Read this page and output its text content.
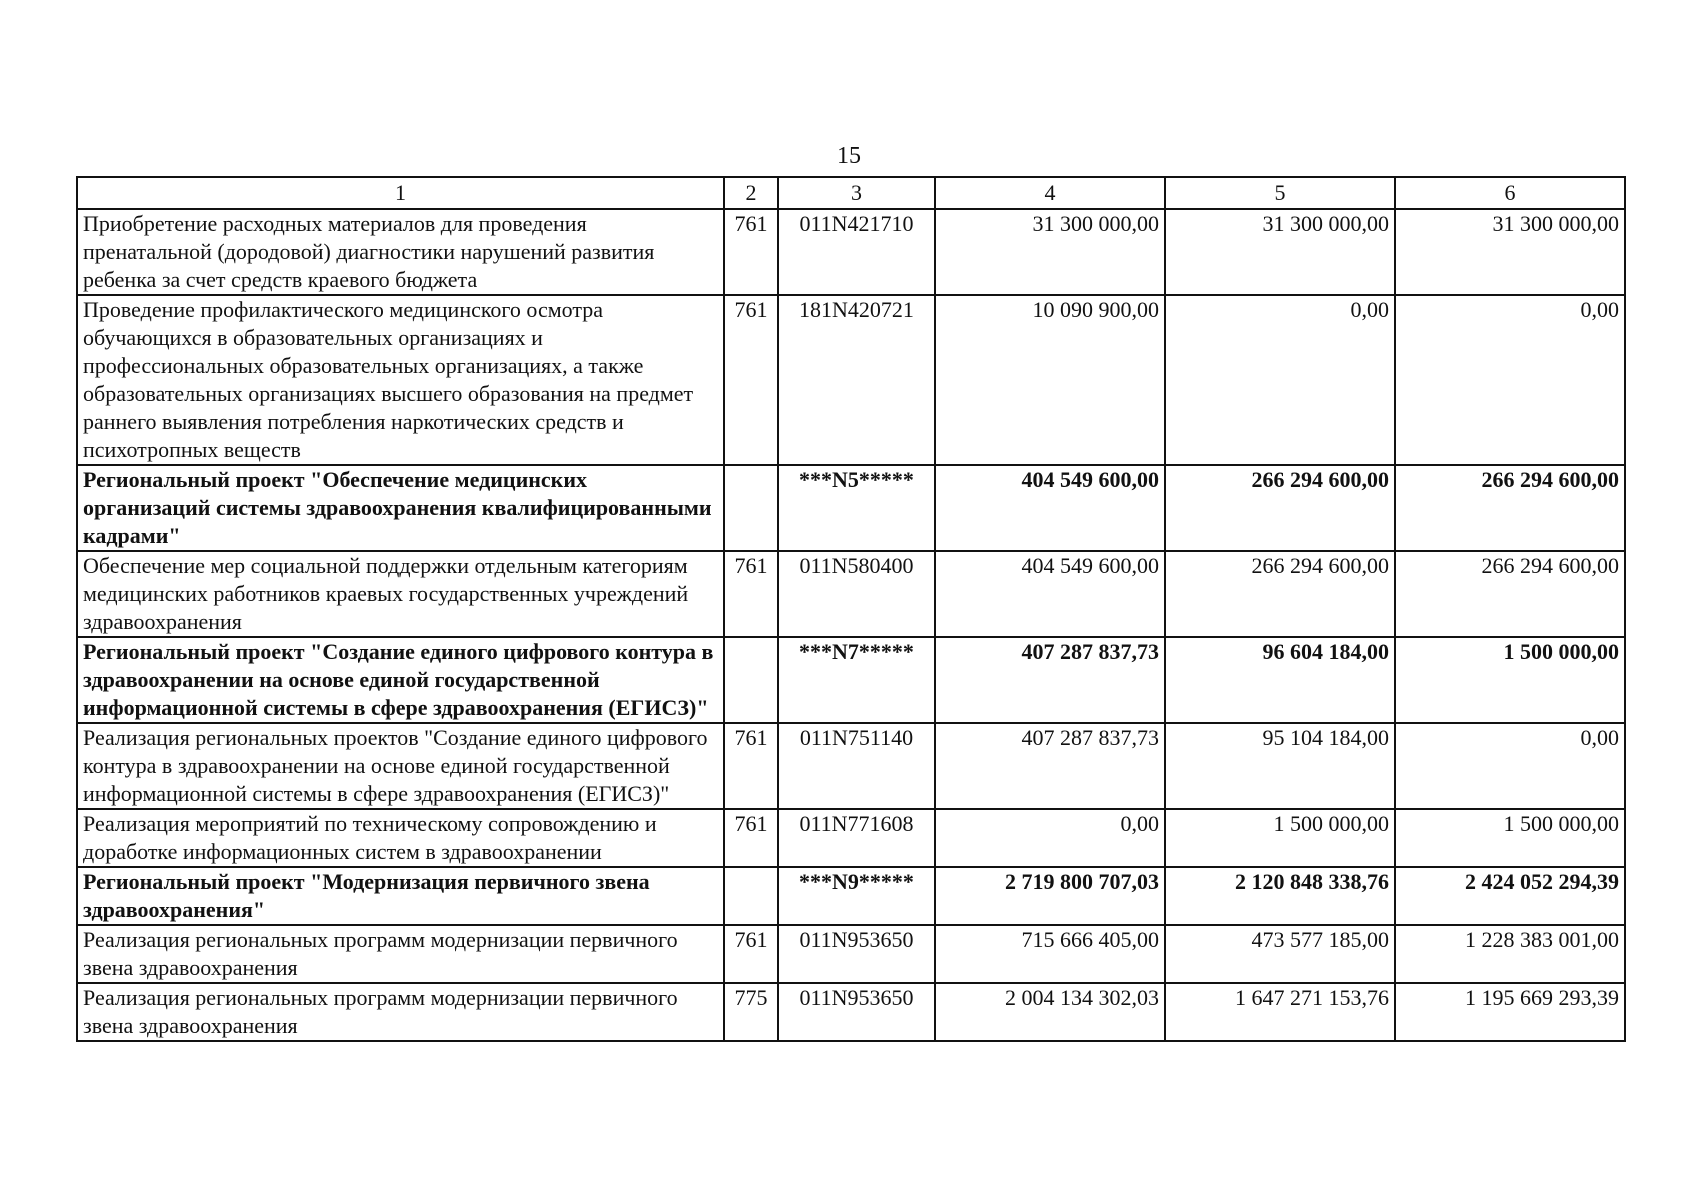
15
1	2	3	4	5	6
Приобретение расходных материалов для проведения пренатальной (дородовой) диагностики нарушений развития ребенка за счет средств краевого бюджета	761	011N421710	31 300 000,00	31 300 000,00	31 300 000,00
Проведение профилактического медицинского осмотра обучающихся в образовательных организациях и профессиональных образовательных организациях, а также образовательных организациях высшего образования на предмет раннего выявления потребления наркотических средств и психотропных веществ	761	181N420721	10 090 900,00	0,00	0,00
Региональный проект "Обеспечение медицинских организаций системы здравоохранения квалифицированными кадрами"		***N5*****	404 549 600,00	266 294 600,00	266 294 600,00
Обеспечение мер социальной поддержки отдельным категориям медицинских работников краевых государственных учреждений здравоохранения	761	011N580400	404 549 600,00	266 294 600,00	266 294 600,00
Региональный проект "Создание единого цифрового контура в здравоохранении на основе единой государственной информационной системы в сфере здравоохранения (ЕГИСЗ)"		***N7*****	407 287 837,73	96 604 184,00	1 500 000,00
Реализация региональных проектов "Создание единого цифрового контура в здравоохранении на основе единой государственной информационной системы в сфере здравоохранения (ЕГИСЗ)"	761	011N751140	407 287 837,73	95 104 184,00	0,00
Реализация мероприятий по техническому сопровождению и доработке информационных систем в здравоохранении	761	011N771608	0,00	1 500 000,00	1 500 000,00
Региональный проект "Модернизация первичного звена здравоохранения"		***N9*****	2 719 800 707,03	2 120 848 338,76	2 424 052 294,39
Реализация региональных программ модернизации первичного звена здравоохранения	761	011N953650	715 666 405,00	473 577 185,00	1 228 383 001,00
Реализация региональных программ модернизации первичного звена здравоохранения	775	011N953650	2 004 134 302,03	1 647 271 153,76	1 195 669 293,39
